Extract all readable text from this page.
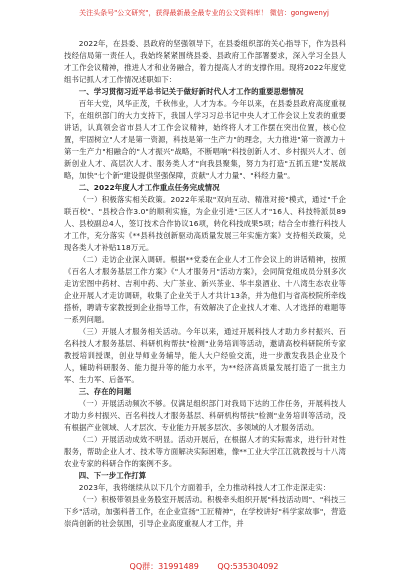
关注头条号"公文研究"，获得最新最全最专业的公文资料库！ 微信：gongwenyj

2022年，在县委、县政府的坚强领导下，在县委组织部的关心指导下，作为县科技经信局第一责任人，我始终紧紧围绕县委、县政府工作部署要求，深入学习全县人才工作会议精神，推进人才和业务融合，着力提高人才的支撑作用。现将2022年度党组书记抓人才工作情况述职如下：

一、学习贯彻习近平总书记关于做好新时代人才工作的重要思想情况

百年大党，风华正茂，千秋伟业，人才为本。今年以来，在县委县政府高度重视下，在组织部门的大力支持下，我国人学习习总书记中央人才工作会议上发表的重要讲话，认真领会省市县人才工作会议精神，始终将人才工作摆在突出位置，核心位置，牢固树立"人才是第一资源，科技是第一生产力"的理念，大力推进"第一资源力＋第一生产力"相融合的"人才振兴"战略，不断唱响"科技创新人才、乡村振兴人才、创新创业人才、高层次人才、服务类人才"向我县聚集，努力为打造"五抓五建"发展战略，加快"七个新"建设提供坚强保障，贡献"人才力量"、"科经力量"。

二、2022年度人才工作重点任务完成情况

（一）积极落实相关政策。2022年采取"双向互动、精准对接"模式，通过"千企联百校"、"县校合作3.0"的顺利实施，为企业引进"三区人才"16人、科技特派员89人、县校副总4人，签订技术合作协议16项，转化科技成果5项；结合全市推行科技人才工作，充分落实《**县科技创新驱动高质量发展三年实施方案》支持相关政策，兑现各类人才补贴118万元。

（二）走访企业深入调研。根据**党委在企业人才工作会议上的讲话精神，按照《百名人才服务基层工作方案》《"人才服务月"活动方案》，会同简党组成员分别多次走访宏图中药材、吉利中药、大广茶业、新兴茶业、华丰泉酒业、十八湾生态农业等企业开展人才走访调研，收集了企业关于人才共计13条，并为他们与省高校院所牵线搭桥，聘请专家教授到企业指导工作，有效解决了企业找人才难、人才选择的难题等一系列问题。

（三）开展人才服务相关活动。今年以来，通过开展科技人才助力乡村振兴、百名科技人才服务基层、科研机构帮扶"检测"业务培训等活动，邀请高校科研院所专家教授培训授课，创业导师业务辅导，能人大户经验交流，进一步激发我县企业及个人，辅助科研服务、能力提升等的能力水平，为**经济高质量发展打造了一批主力军、生力军、后备军。

三、存在的问题

（一）开展活动频次不够。仅满足组织部门对我局下达的工作任务，开展科技人才助力乡村振兴、百名科技人才服务基层、科研机构帮扶"检测"业务培训等活动，没有根据产业领域、人才层次、专业能力开展多层次、多领域的人才服务活动。

（二）开展活动成效不明显。活动开展后，在根据人才的实际需求，进行针对性服务，帮助企业人才、技术等方面解决实际困难，像**工业大学江江就教授与十八湾农业专家的科研合作的案例不多。

四、下一步工作打算

2023年，我将继续从以下几个方面着手，全力推动科技人才工作走深走实：

（一）积极带领县业务股室开展活动。积极牵头组织开展"科技活动周"、"科技三下乡"活动，加强科普工作，在企业宣扬"工匠精神"，在学校讲好"科学家故事"，营造崇尚创新的社会氛围，引导企业高度重视人才工作，并

QQ群：31991489 QQ:535304092
